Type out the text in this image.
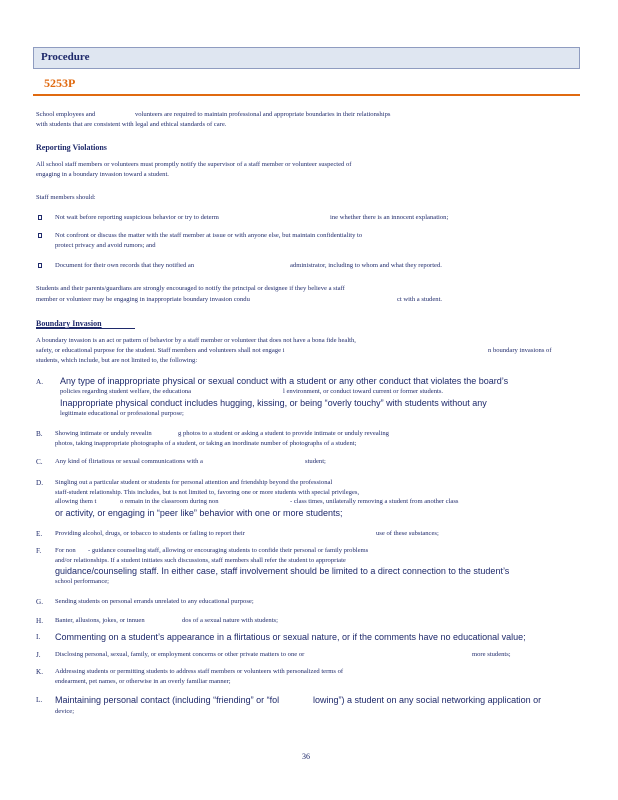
Procedure
5253P
School employees and	volunteers are required to maintain professional and appropriate boundaries in their relationships
with students that are consistent with legal and ethical standards of care.
Reporting Violations
All school staff members or volunteers must promptly notify the supervisor of a staff member or volunteer suspected of
engaging in a boundary invasion toward a student.
Staff members should:
Not wait before reporting suspicious behavior or try to determ	ine whether there is an innocent explanation;
Not confront or discuss the matter with the staff member at issue or with anyone else, but maintain confidentiality to
protect privacy and avoid rumors; and
Document for their own records that they notified an	administrator, including to whom and what they reported.
Students and their parents/guardians are strongly encouraged to notify the principal or designee if they believe a staff
member or volunteer may be engaging in inappropriate boundary invasion condu	ct with a student.
Boundary Invasion
A boundary invasion is an act or pattern of behavior by a staff member or volunteer that does not have a bona fide health,
safety, or educational purpose for the student. Staff members and volunteers shall not engage i	n boundary invasions of
students, which include, but are not limited to, the following:
A. Any type of inappropriate physical or sexual conduct with a student or any other conduct that violates the board’s
policies regarding student welfare, the educationa	l environment, or conduct toward current or former students.
Inappropriate physical conduct includes hugging, kissing, or being “overly touchy” with students without any
legitimate educational or professional purpose;
B. Showing intimate or unduly revealin	g photos to a student or asking a student to provide intimate or unduly revealing
photos, taking inappropriate photographs of a student, or taking an inordinate number of photographs of a student;
C. Any kind of flirtatious or sexual communications with a	student;
D. Singling out a particular student or students for personal attention and friendship beyond the professional
staff-student relationship. This includes, but is not limited to, favoring one or more students with special privileges,
allowing them t	o remain in the classroom during non	- class times, unilaterally removing a student from another class
or activity, or engaging in “peer like” behavior with one or more students;
E. Providing alcohol, drugs, or tobacco to students or failing to report their	use of these substances;
F. For non - guidance counseling staff, allowing or encouraging students to confide their personal or family problems
and/or relationships. If a student initiates such discussions, staff members shall refer the student to appropriate
guidance/counseling staff. In either case, staff involvement should be limited to a direct connection to the student’s
school performance;
G. Sending students on personal errands unrelated to any educational purpose;
H. Banter, allusions, jokes, or innuen	dos of a sexual nature with students;
I. Commenting on a student’s appearance in a flirtatious or sexual nature, or if the comments have no educational value;
J. Disclosing personal, sexual, family, or employment concerns or other private matters to one or	more students;
K. Addressing students or permitting students to address staff members or volunteers with personalized terms of
endearment, pet names, or otherwise in an overly familiar manner;
L. Maintaining personal contact (including “friending” or “fol	lowing”) a student on any social networking application or
device;
36
